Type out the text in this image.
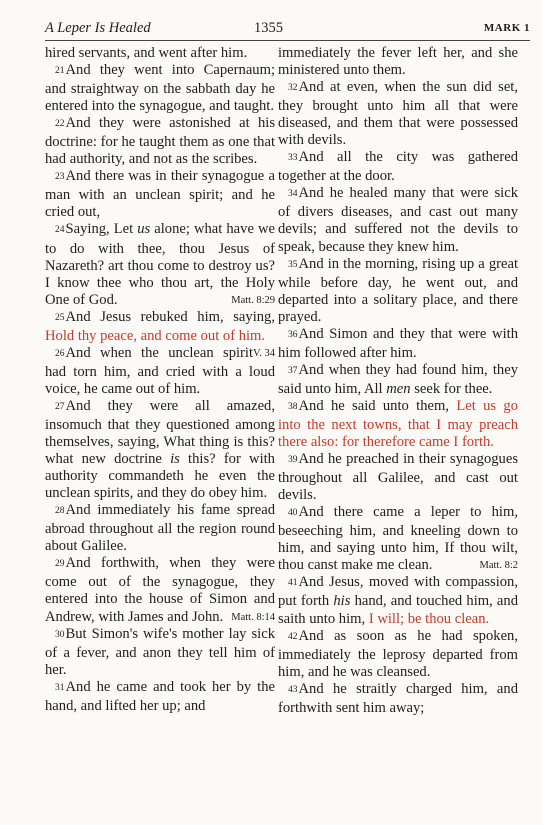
A Leper Is Healed	1355	MARK 1

hired servants, and went after him.

21And they went into Capernaum; and straightway on the sabbath day he entered into the synagogue, and taught.

22And they were astonished at his doctrine: for he taught them as one that had authority, and not as the scribes.

23And there was in their synagogue a man with an unclean spirit; and he cried out,

24Saying, Let us alone; what have we to do with thee, thou Jesus of Nazareth? art thou come to destroy us? I know thee who thou art, the Holy One of God.	Matt. 8:29

25And Jesus rebuked him, saying, Hold thy peace, and come out of him.
V. 34

26And when the unclean spirit had torn him, and cried with a loud voice, he came out of him.

27And they were all amazed, insomuch that they questioned among themselves, saying, What thing is this? what new doctrine is this? for with authority commandeth he even the unclean spirits, and they do obey him.

28And immediately his fame spread abroad throughout all the region round about Galilee.

29And forthwith, when they were come out of the synagogue, they entered into the house of Simon and Andrew, with James and John. Matt. 8:14

30But Simon's wife's mother lay sick of a fever, and anon they tell him of her.

31And he came and took her by the hand, and lifted her up; and

immediately the fever left her, and she ministered unto them.

32And at even, when the sun did set, they brought unto him all that were diseased, and them that were possessed with devils.

33And all the city was gathered together at the door.

34And he healed many that were sick of divers diseases, and cast out many devils; and suffered not the devils to speak, because they knew him.

35And in the morning, rising up a great while before day, he went out, and departed into a solitary place, and there prayed.

36And Simon and they that were with him followed after him.

37And when they had found him, they said unto him, All men seek for thee.

38And he said unto them, Let us go into the next towns, that I may preach there also: for therefore came I forth.

39And he preached in their synagogues throughout all Galilee, and cast out devils.

40And there came a leper to him, beseeching him, and kneeling down to him, and saying unto him, If thou wilt, thou canst make me clean.	Matt. 8:2

41And Jesus, moved with compassion, put forth his hand, and touched him, and saith unto him, I will; be thou clean.

42And as soon as he had spoken, immediately the leprosy departed from him, and he was cleansed.

43And he straitly charged him, and forthwith sent him away;
